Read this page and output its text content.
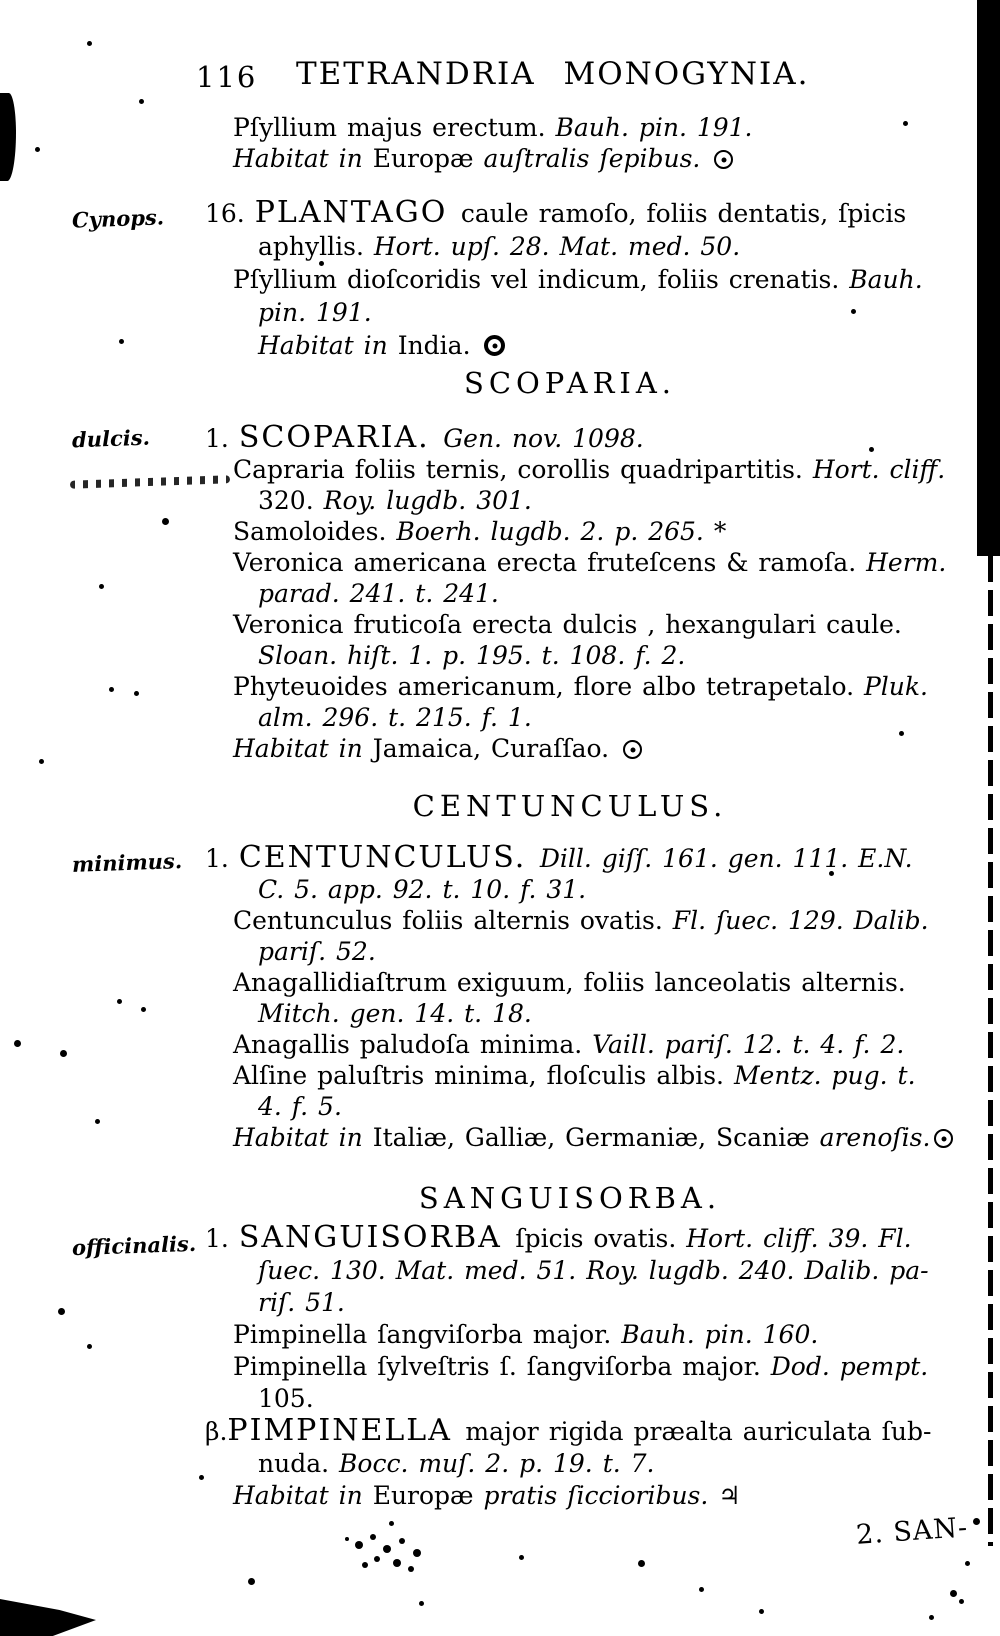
116 TETRANDRIA MONOGYNIA.
Pſyllium majus erectum. Bauh. pin. 191.
Habitat in Europæ auſtralis ſepibus.
Cynops. 16. PLANTAGO caule ramoſo, foliis dentatis, ſpicis
aphyllis. Hort. upſ. 28. Mat. med. 50.
Pſyllium dioſcoridis vel indicum, foliis crenatis. Bauh.
pin. 191.
Habitat in India.
SCOPARIA.
dulcis. 1. SCOPARIA. Gen. nov. 1098.
Capraria foliis ternis, corollis quadripartitis. Hort. cliff.
320. Roy. lugdb. 301.
Samoloides. Boerh. lugdb. 2. p. 265. *
Veronica americana erecta fruteſcens & ramoſa. Herm.
parad. 241. t. 241.
Veronica fruticoſa erecta dulcis , hexangulari caule.
Sloan. hiſt. 1. p. 195. t. 108. f. 2.
Phyteuoides americanum, flore albo tetrapetalo. Pluk.
alm. 296. t. 215. f. 1.
Habitat in Jamaica, Curaſſao.
CENTUNCULUS.
minimus. 1. CENTUNCULUS. Dill. giſſ. 161. gen. 111. E.N.
C. 5. app. 92. t. 10. f. 31.
Centunculus foliis alternis ovatis. Fl. ſuec. 129. Dalib.
pariſ. 52.
Anagallidiaſtrum exiguum, foliis lanceolatis alternis.
Mitch. gen. 14. t. 18.
Anagallis paludoſa minima. Vaill. pariſ. 12. t. 4. f. 2.
Alſine paluſtris minima, floſculis albis. Mentz. pug. t.
4. f. 5.
Habitat in Italiæ, Galliæ, Germaniæ, Scaniæ arenoſis.
SANGUISORBA.
officinalis. 1. SANGUISORBA ſpicis ovatis. Hort. cliff. 39. Fl.
ſuec. 130. Mat. med. 51. Roy. lugdb. 240. Dalib. pa-
riſ. 51.
Pimpinella ſangviſorba major. Bauh. pin. 160.
Pimpinella ſylveſtris ſ. ſangviſorba major. Dod. pempt.
105.
β.PIMPINELLA major rigida præalta auriculata ſub-
nuda. Bocc. muſ. 2. p. 19. t. 7.
Habitat in Europæ pratis ſiccioribus. ♃
2. SAN-
